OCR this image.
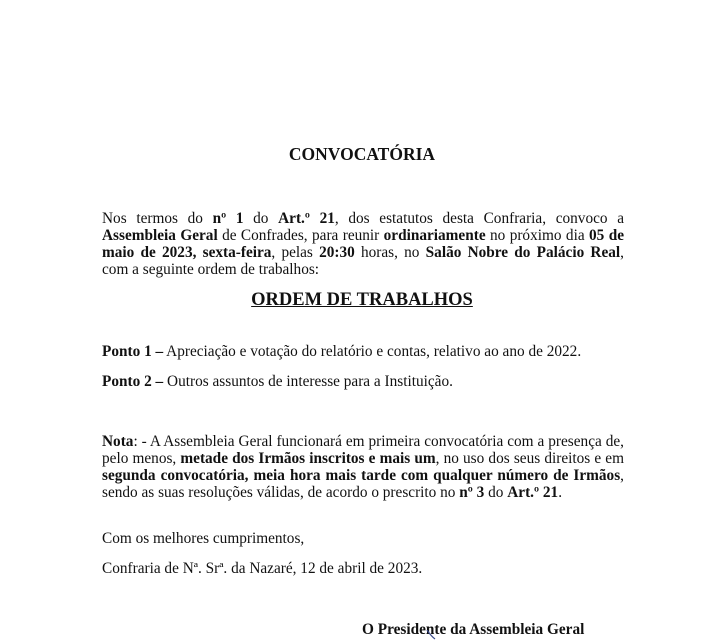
CONVOCATÓRIA
Nos termos do nº 1 do Art.º 21, dos estatutos desta Confraria, convoco a Assembleia Geral de Confrades, para reunir ordinariamente no próximo dia 05 de maio de 2023, sexta-feira, pelas 20:30 horas, no Salão Nobre do Palácio Real, com a seguinte ordem de trabalhos:
ORDEM DE TRABALHOS
Ponto 1 – Apreciação e votação do relatório e contas, relativo ao ano de 2022.
Ponto 2 – Outros assuntos de interesse para a Instituição.
Nota: - A Assembleia Geral funcionará em primeira convocatória com a presença de, pelo menos, metade dos Irmãos inscritos e mais um, no uso dos seus direitos e em segunda convocatória, meia hora mais tarde com qualquer número de Irmãos, sendo as suas resoluções válidas, de acordo o prescrito no nº 3 do Art.º 21.
Com os melhores cumprimentos,
Confraria de Nª. Srª. da Nazaré, 12 de abril de 2023.
O Presidente da Assembleia Geral
